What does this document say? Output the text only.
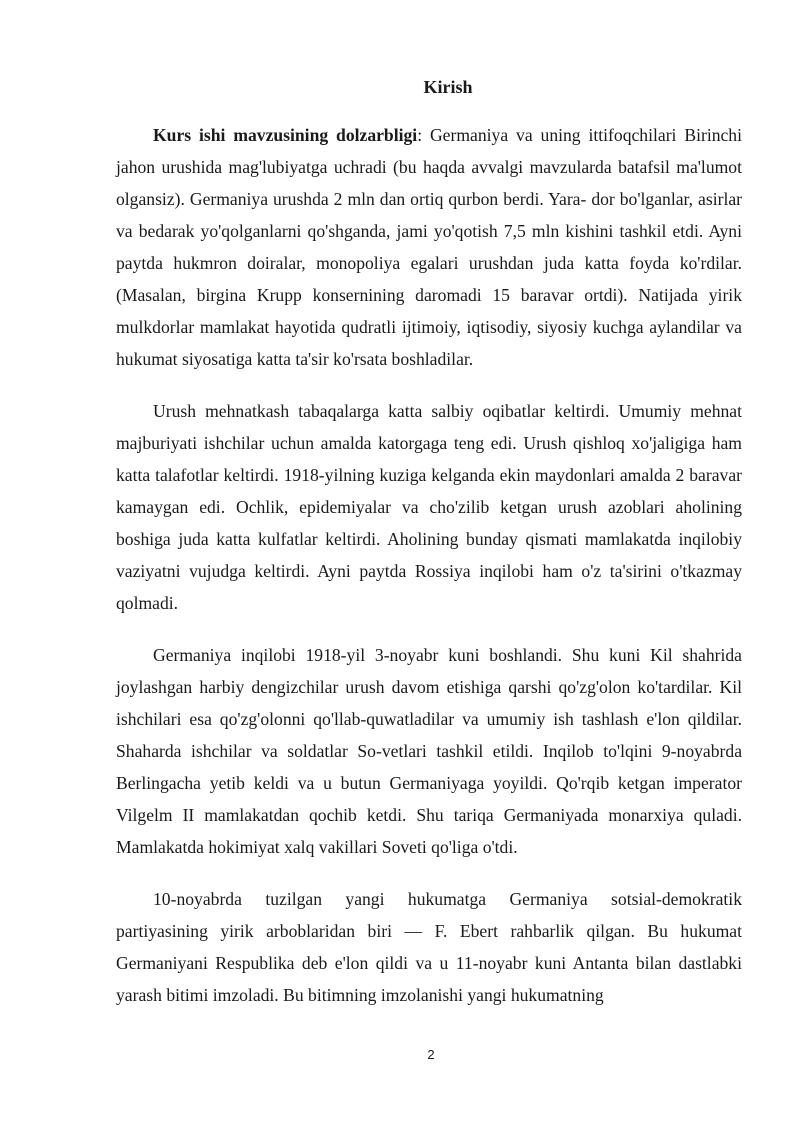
Kirish

Kurs ishi mavzusining dolzarbligi: Germaniya va uning ittifoqchilari Birinchi jahon urushida mag'lubiyatga uchradi (bu haqda avvalgi mavzularda batafsil ma'lumot olgansiz). Germaniya urushda 2 mln dan ortiq qurbon berdi. Yara- dor bo'lganlar, asirlar va bedarak yo'qolganlarni qo'shganda, jami yo'qotish 7,5 mln kishini tashkil etdi. Ayni paytda hukmron doiralar, monopoliya egalari urushdan juda katta foyda ko'rdilar. (Masalan, birgina Krupp konsernining daromadi 15 baravar ortdi). Natijada yirik mulkdorlar mamlakat hayotida qudratli ijtimoiy, iqtisodiy, siyosiy kuchga aylandilar va hukumat siyosatiga katta ta'sir ko'rsata boshladilar.

Urush mehnatkash tabaqalarga katta salbiy oqibatlar keltirdi. Umumiy mehnat majburiyati ishchilar uchun amalda katorgaga teng edi. Urush qishloq xo'jaligiga ham katta talafotlar keltirdi. 1918-yilning kuziga kelganda ekin maydonlari amalda 2 baravar kamaygan edi. Ochlik, epidemiyalar va cho'zilib ketgan urush azoblari aholining boshiga juda katta kulfatlar keltirdi. Aholining bunday qismati mamlakatda inqilobiy vaziyatni vujudga keltirdi. Ayni paytda Rossiya inqilobi ham o'z ta'sirini o'tkazmay qolmadi.

Germaniya inqilobi 1918-yil 3-noyabr kuni boshlandi. Shu kuni Kil shahrida joylashgan harbiy dengizchilar urush davom etishiga qarshi qo'zg'olon ko'tardilar. Kil ishchilari esa qo'zg'olonni qo'llab-quwatladilar va umumiy ish tashlash e'lon qildilar. Shaharda ishchilar va soldatlar So-vetlari tashkil etildi. Inqilob to'lqini 9-noyabrda Berlingacha yetib keldi va u butun Germaniyaga yoyildi. Qo'rqib ketgan imperator Vilgelm II mamlakatdan qochib ketdi. Shu tariqa Germaniyada monarxiya quladi. Mamlakatda hokimiyat xalq vakillari Soveti qo'liga o'tdi.

10-noyabrda tuzilgan yangi hukumatga Germaniya sotsial-demokratik partiyasining yirik arboblaridan biri — F. Ebert rahbarlik qilgan. Bu hukumat Germaniyani Respublika deb e'lon qildi va u 11-noyabr kuni Antanta bilan dastlabki yarash bitimi imzoladi. Bu bitimning imzolanishi yangi hukumatning

2
